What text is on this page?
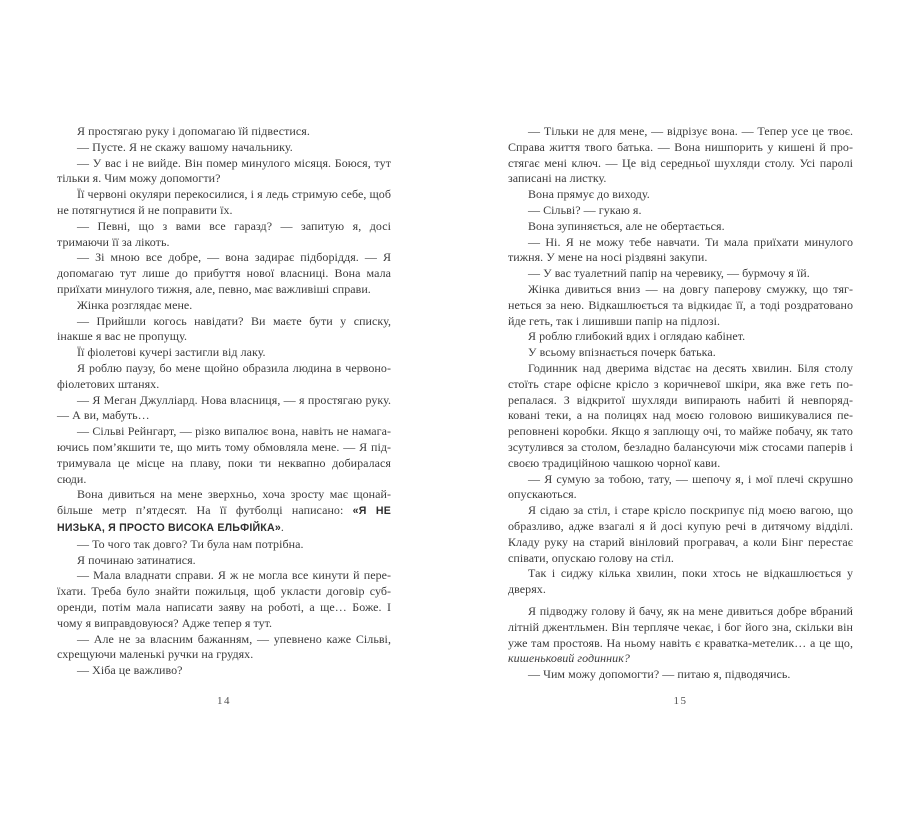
Я простягаю руку і допомагаю їй підвестися.

— Пусте. Я не скажу вашому начальнику.

— У вас і не вийде. Він помер минулого місяця. Боюся, тут тільки я. Чим можу допомогти?

Її червоні окуляри перекосилися, і я ледь стримую себе, щоб не потягнутися й не поправити їх.

— Певні, що з вами все гаразд? — запитую я, досі тримаючи її за лікоть.

— Зі мною все добре, — вона задирає підборіддя. — Я допомагаю тут лише до прибуття нової власниці. Вона мала приїхати минулого тижня, але, певно, має важливіші справи.

Жінка розглядає мене.

— Прийшли когось навідати? Ви маєте бути у списку, інакше я вас не пропущу.

Її фіолетові кучері застигли від лаку.

Я роблю паузу, бо мене щойно образила людина в червоно-фіолетових штанях.

— Я Меган Джулліард. Нова власниця, — я простягаю руку. — А ви, мабуть…

— Сільві Рейнгарт, — різко випалює вона, навіть не намагаючись пом’якшити те, що мить тому обмовляла мене. — Я підтримувала це місце на плаву, поки ти неквапно добиралася сюди.

Вона дивиться на мене зверхньо, хоча зросту має щонайбільше метр п’ятдесят. На її футболці написано: «Я НЕ НИЗЬКА, Я ПРОСТО ВИСОКА ЕЛЬФІЙКА».

— То чого так довго? Ти була нам потрібна.

Я починаю затинатися.

— Мала владнати справи. Я ж не могла все кинути й переїхати. Треба було знайти пожильця, щоб укласти договір суборенди, потім мала написати заяву на роботі, а ще… Боже. І чому я виправдовуюся? Адже тепер я тут.

— Але не за власним бажанням, — упевнено каже Сільві, схрещуючи маленькі ручки на грудях.

— Хіба це важливо?

14

— Тільки не для мене, — відрізує вона. — Тепер усе це твоє. Справа життя твого батька. — Вона нишпорить у кишені й простягає мені ключ. — Це від середньої шухляди столу. Усі паролі записані на листку.

Вона прямує до виходу.

— Сільві? — гукаю я.

Вона зупиняється, але не обертається.

— Ні. Я не можу тебе навчати. Ти мала приїхати минулого тижня. У мене на носі різдвяні закупи.

— У вас туалетний папір на черевику, — бурмочу я їй.

Жінка дивиться вниз — на довгу паперову смужку, що тягнеться за нею. Відкашлюється та відкидає її, а тоді роздратовано йде геть, так і лишивши папір на підлозі.

Я роблю глибокий вдих і оглядаю кабінет.

У всьому впізнається почерк батька.

Годинник над дверима відстає на десять хвилин. Біля столу стоїть старе офісне крісло з коричневої шкіри, яка вже геть порепалася. З відкритої шухляди випирають набиті й невпорядковані теки, а на полицях над моєю головою вишикувалися переповнені коробки. Якщо я заплющу очі, то майже побачу, як тато зсутулився за столом, безладно балансуючи між стосами паперів і своєю традиційною чашкою чорної кави.

— Я сумую за тобою, тату, — шепочу я, і мої плечі скрушно опускаються.

Я сідаю за стіл, і старе крісло поскрипує під моєю вагою, що образливо, адже взагалі я й досі купую речі в дитячому відділі. Кладу руку на старий вініловий програвач, а коли Бінг перестає співати, опускаю голову на стіл.

Так і сиджу кілька хвилин, поки хтось не відкашлюється у дверях.

Я підводжу голову й бачу, як на мене дивиться добре вбраний літній джентльмен. Він терпляче чекає, і бог його зна, скільки він уже там простояв. На ньому навіть є краватка-метелик… а це що, кишеньковий годинник?

— Чим можу допомогти? — питаю я, підводячись.

15
